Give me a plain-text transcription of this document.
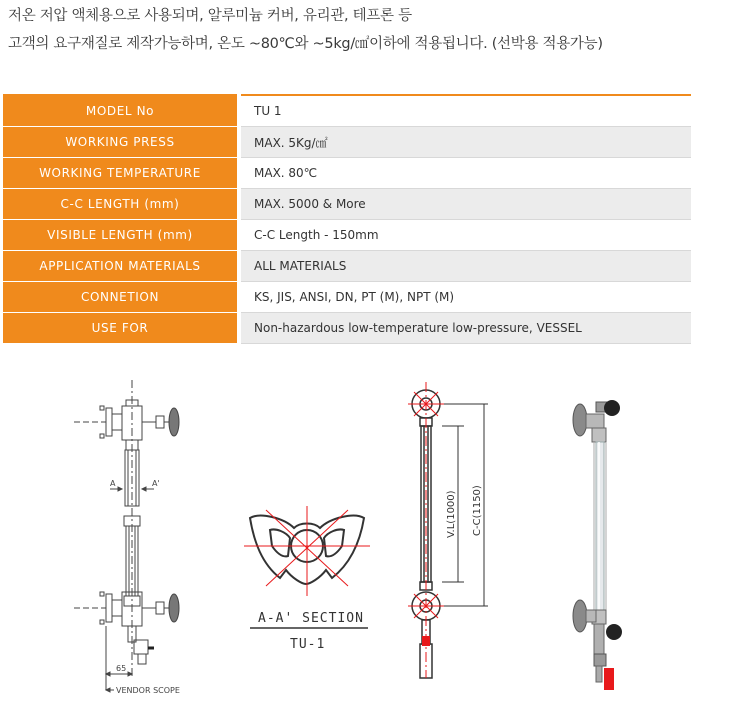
저온 저압 액체용으로 사용되며, 알루미늄 커버, 유리관, 테프론 등
고객의 요구재질로 제작가능하며, 온도 ~80℃와 ~5kg/㎠이하에 적용됩니다. (선박용 적용가능)
MODEL No		TU 1
WORKING PRESS		MAX. 5Kg/㎠
WORKING TEMPERATURE		MAX. 80℃
C-C LENGTH (mm)		MAX. 5000 & More
VISIBLE LENGTH (mm)		C-C Length - 150mm
APPLICATION MATERIALS		ALL MATERIALS
CONNETION		KS, JIS, ANSI, DN, PT (M), NPT (M)
USE FOR		Non-hazardous low-temperature low-pressure, VESSEL
A	A'
65
VENDOR SCOPE
A-A' SECTION
TU-1
V.L(1000) C-C(1150)
